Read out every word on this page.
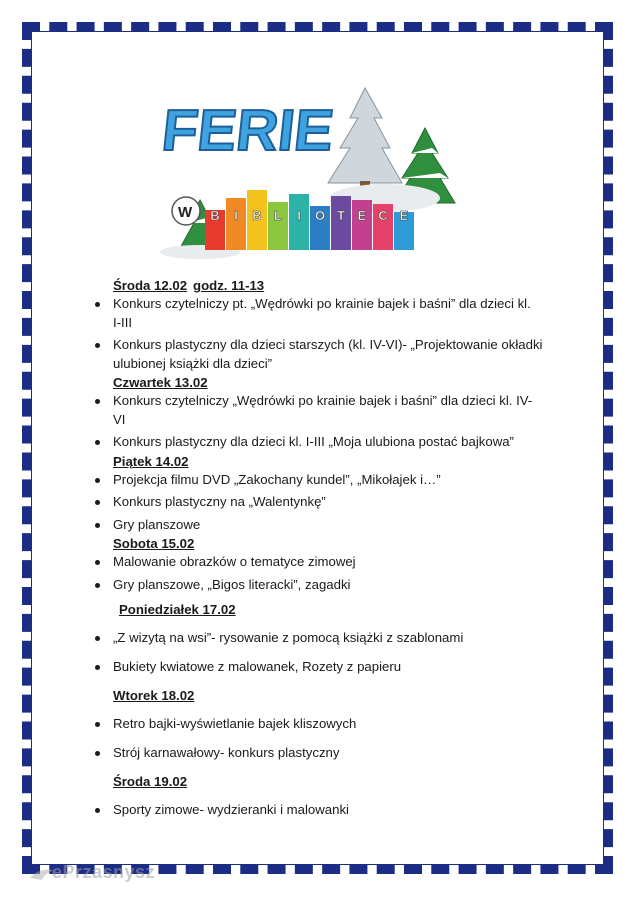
FERIE
W B I B L I O T E C E
Środa 12.02 godz. 11-13
Konkurs czytelniczy pt. „Wędrówki po krainie bajek i baśni” dla dzieci kl.
I-III
Konkurs plastyczny dla dzieci starszych (kl. IV-VI)- „Projektowanie okładki
ulubionej książki dla dzieci”
Czwartek 13.02
Konkurs czytelniczy „Wędrówki po krainie bajek i baśni” dla dzieci kl. IV-
VI
Konkurs plastyczny dla dzieci kl. I-III „Moja ulubiona postać bajkowa”
Piątek 14.02
Projekcja filmu DVD „Zakochany kundel”, „Mikołajek i…”
Konkurs plastyczny na „Walentynkę”
Gry planszowe
Sobota 15.02
Malowanie obrazków o tematyce zimowej
Gry planszowe, „Bigos literacki”, zagadki
Poniedziałek 17.02
„Z wizytą na wsi”- rysowanie z pomocą książki z szablonami
Bukiety kwiatowe z malowanek, Rozety z papieru
Wtorek 18.02
Retro bajki-wyświetlanie bajek kliszowych
Strój karnawałowy- konkurs plastyczny
Środa 19.02
Sporty zimowe- wydzieranki i malowanki
ePrzasnysz
